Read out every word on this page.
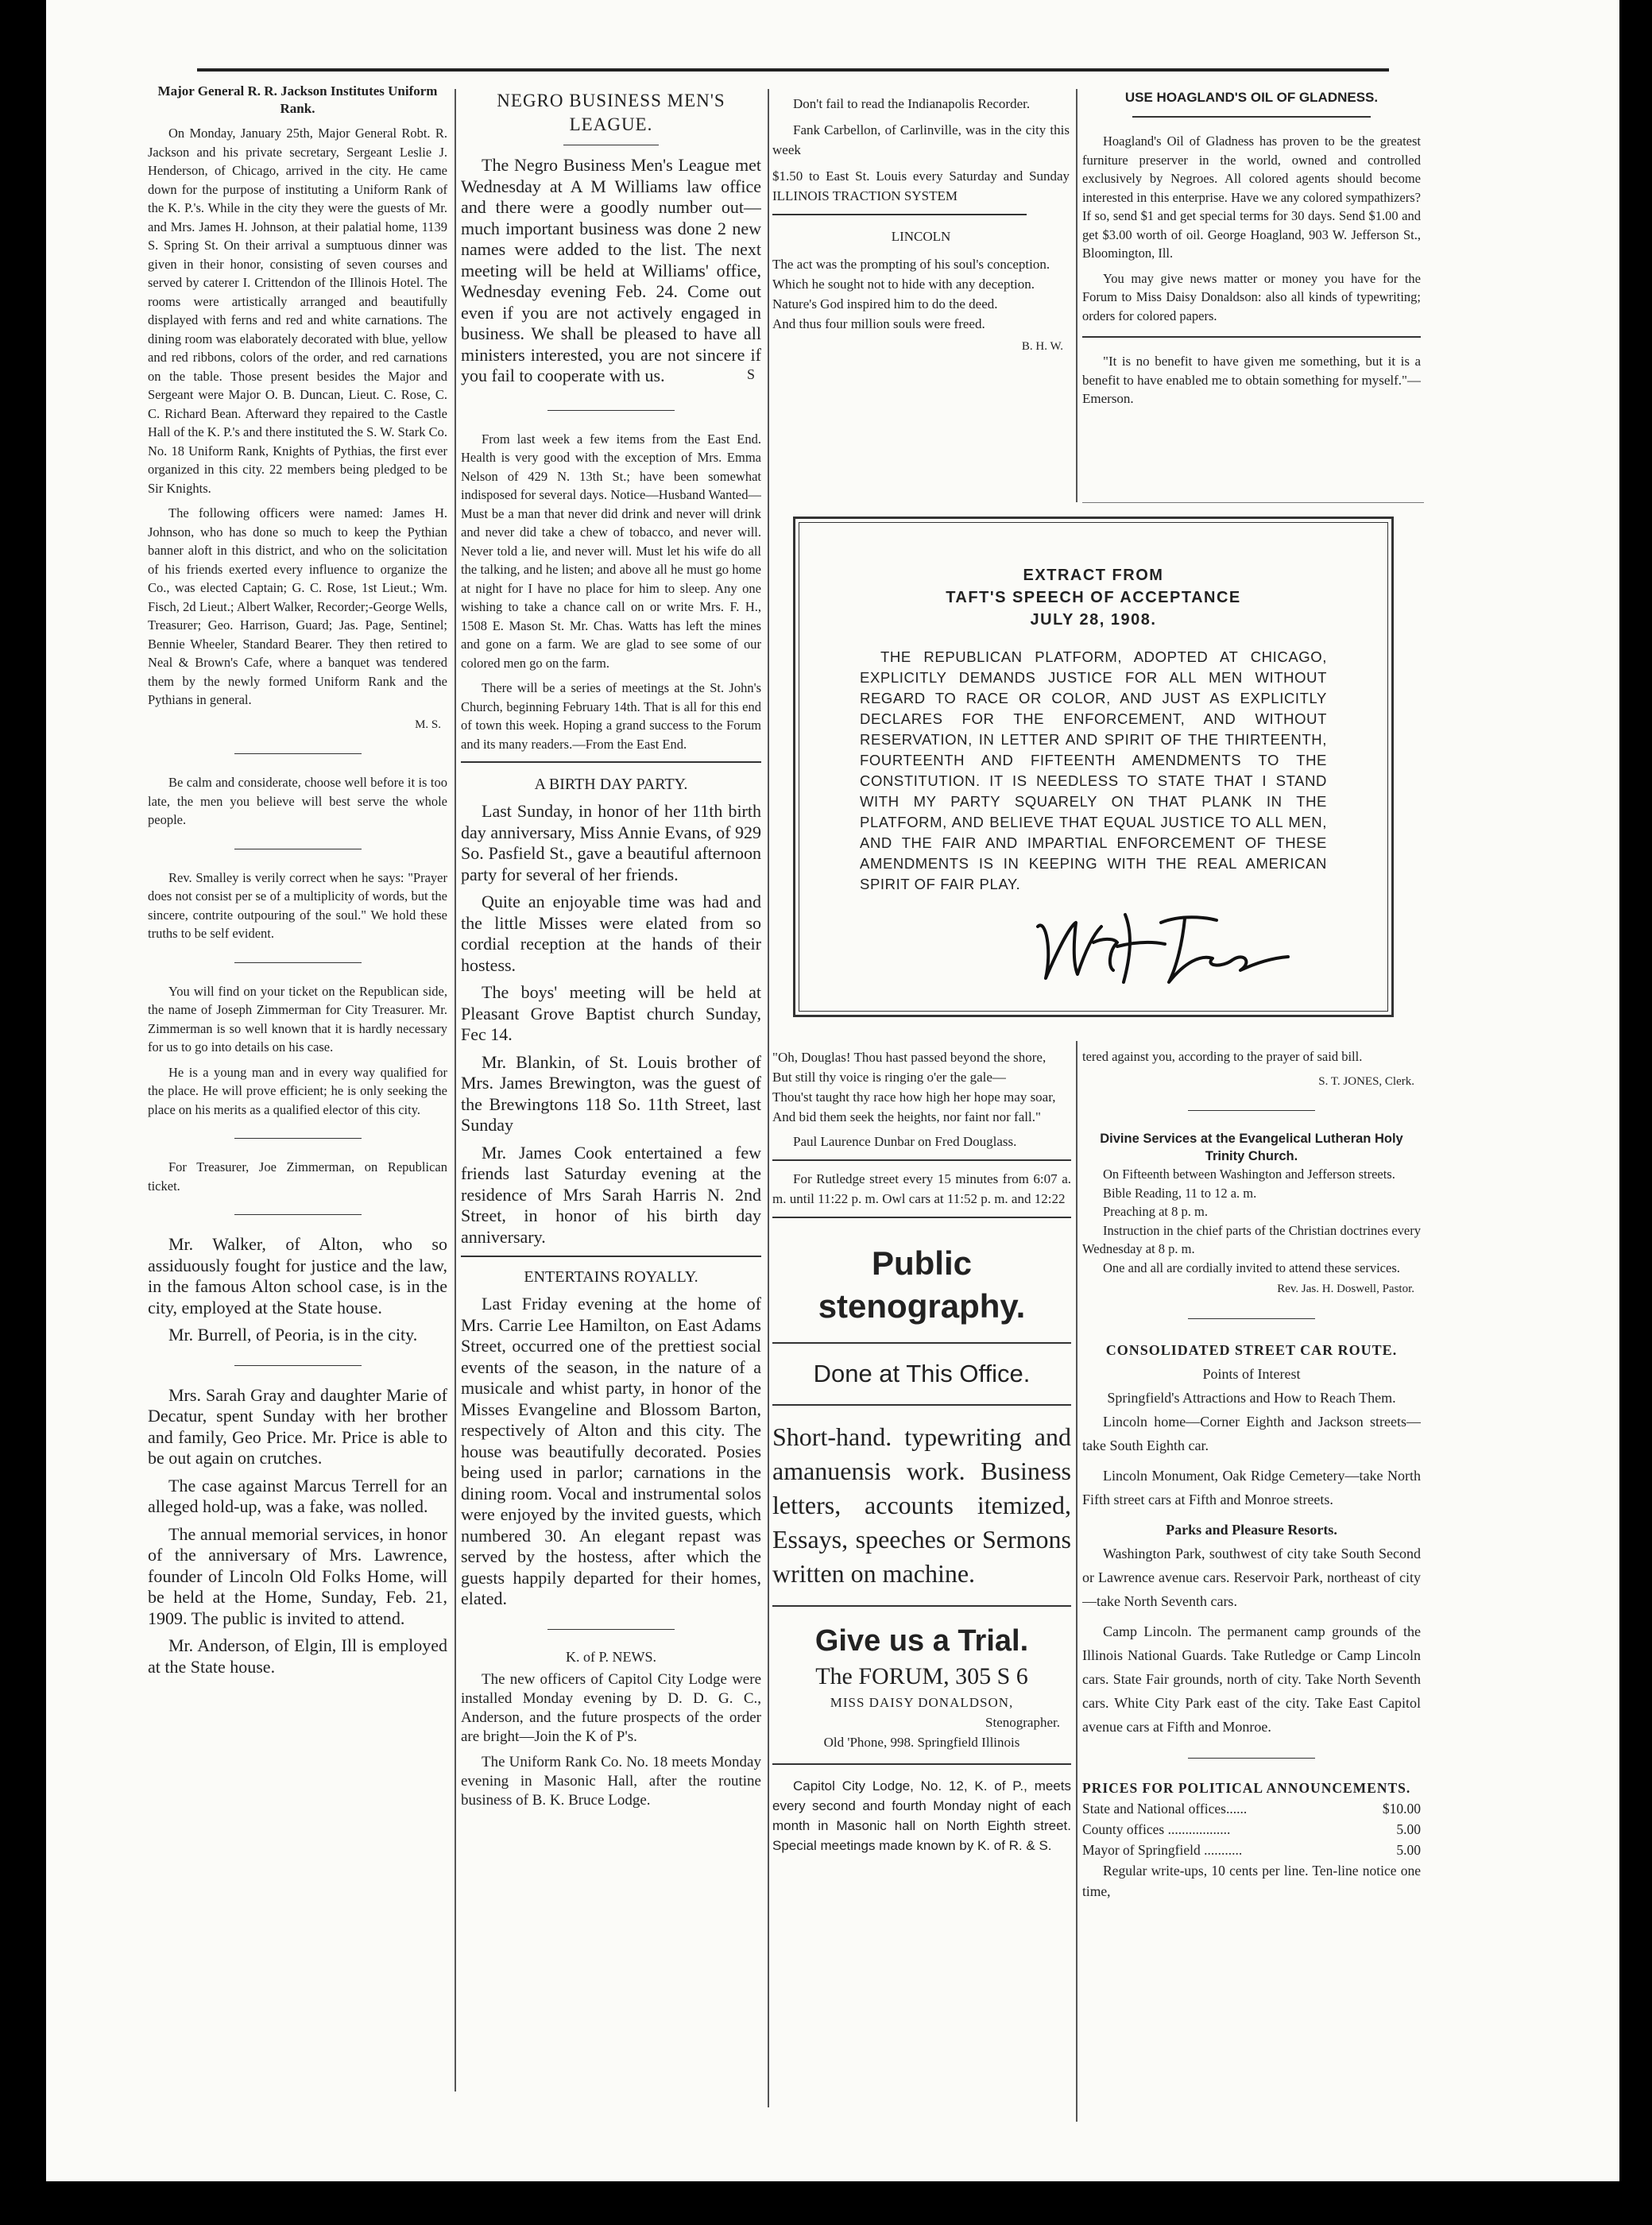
Major General R. R. Jackson Institutes Uniform Rank.

On Monday, January 25th, Major General Robt. R. Jackson and his private secretary, Sergeant Leslie J. Henderson, of Chicago, arrived in the city. He came down for the purpose of instituting a Uniform Rank of the K. P.'s. While in the city they were the guests of Mr. and Mrs. James H. Johnson, at their palatial home, 1139 S. Spring St. On their arrival a sumptuous dinner was given in their honor, consisting of seven courses and served by caterer I. Crittendon of the Illinois Hotel. The rooms were artistically arranged and beautifully displayed with ferns and red and white carnations. The dining room was elaborately decorated with blue, yellow and red ribbons, colors of the order, and red carnations on the table. Those present besides the Major and Sergeant were Major O. B. Duncan, Lieut. C. Rose, C. C. Richard Bean. Afterward they repaired to the Castle Hall of the K. P.'s and there instituted the S. W. Stark Co. No. 18 Uniform Rank, Knights of Pythias, the first ever organized in this city. 22 members being pledged to be Sir Knights.

The following officers were named: James H. Johnson, who has done so much to keep the Pythian banner aloft in this district, and who on the solicitation of his friends exerted every influence to organize the Co., was elected Captain; G. C. Rose, 1st Lieut.; Wm. Fisch, 2d Lieut.; Albert Walker, Recorder;-George Wells, Treasurer; Geo. Harrison, Guard; Jas. Page, Sentinel; Bennie Wheeler, Standard Bearer. They then retired to Neal & Brown's Cafe, where a banquet was tendered them by the newly formed Uniform Rank and the Pythians in general.

M. S.

Be calm and considerate, choose well before it is too late, the men you believe will best serve the whole people.

Rev. Smalley is verily correct when he says: "Prayer does not consist per se of a multiplicity of words, but the sincere, contrite outpouring of the soul." We hold these truths to be self evident.

You will find on your ticket on the Republican side, the name of Joseph Zimmerman for City Treasurer. Mr. Zimmerman is so well known that it is hardly necessary for us to go into details on his case.

He is a young man and in every way qualified for the place. He will prove efficient; he is only seeking the place on his merits as a qualified elector of this city.

For Treasurer, Joe Zimmerman, on Republican ticket.

Mr. Walker, of Alton, who so assiduously fought for justice and the law, in the famous Alton school case, is in the city, employed at the State house.

Mr. Burrell, of Peoria, is in the city.

Mrs. Sarah Gray and daughter Marie of Decatur, spent Sunday with her brother and family, Geo Price. Mr. Price is able to be out again on crutches.

The case against Marcus Terrell for an alleged hold-up, was a fake, was nolled.

The annual memorial services, in honor of the anniversary of Mrs. Lawrence, founder of Lincoln Old Folks Home, will be held at the Home, Sunday, Feb. 21, 1909. The public is invited to attend.

Mr. Anderson, of Elgin, Ill is employed at the State house.

NEGRO BUSINESS MEN'S LEAGUE.

The Negro Business Men's League met Wednesday at A M Williams law office and there were a goodly number out—much important business was done 2 new names were added to the list. The next meeting will be held at Williams' office, Wednesday evening Feb. 24. Come out even if you are not actively engaged in business. We shall be pleased to have all ministers interested, you are not sincere if you fail to cooperate with us.	S

From last week a few items from the East End. Health is very good with the exception of Mrs. Emma Nelson of 429 N. 13th St.; have been somewhat indisposed for several days. Notice—Husband Wanted—Must be a man that never did drink and never will drink and never did take a chew of tobacco, and never will. Never told a lie, and never will. Must let his wife do all the talking, and he listen; and above all he must go home at night for I have no place for him to sleep. Any one wishing to take a chance call on or write Mrs. F. H., 1508 E. Mason St. Mr. Chas. Watts has left the mines and gone on a farm. We are glad to see some of our colored men go on the farm.

There will be a series of meetings at the St. John's Church, beginning February 14th. That is all for this end of town this week. Hoping a grand success to the Forum and its many readers.—From the East End.

A BIRTH DAY PARTY.

Last Sunday, in honor of her 11th birth day anniversary, Miss Annie Evans, of 929 So. Pasfield St., gave a beautiful afternoon party for several of her friends.

Quite an enjoyable time was had and the little Misses were elated from so cordial reception at the hands of their hostess.

The boys' meeting will be held at Pleasant Grove Baptist church Sunday, Fec 14.

Mr. Blankin, of St. Louis brother of Mrs. James Brewington, was the guest of the Brewingtons 118 So. 11th Street, last Sunday

Mr. James Cook entertained a few friends last Saturday evening at the residence of Mrs Sarah Harris N. 2nd Street, in honor of his birth day anniversary.

ENTERTAINS ROYALLY.

Last Friday evening at the home of Mrs. Carrie Lee Hamilton, on East Adams Street, occurred one of the prettiest social events of the season, in the nature of a musicale and whist party, in honor of the Misses Evangeline and Blossom Barton, respectively of Alton and this city. The house was beautifully decorated. Posies being used in parlor; carnations in the dining room. Vocal and instrumental solos were enjoyed by the invited guests, which numbered 30. An elegant repast was served by the hostess, after which the guests happily departed for their homes, elated.

K. of P. NEWS.

The new officers of Capitol City Lodge were installed Monday evening by D. D. G. C., Anderson, and the future prospects of the order are bright—Join the K of P's.

The Uniform Rank Co. No. 18 meets Monday evening in Masonic Hall, after the routine business of B. K. Bruce Lodge.

Don't fail to read the Indianapolis Recorder.

Fank Carbellon, of Carlinville, was in the city this week

$1.50 to East St. Louis every Saturday and Sunday ILLINOIS TRACTION SYSTEM

LINCOLN
The act was the prompting of his soul's conception.
Which he sought not to hide with any deception.
Nature's God inspired him to do the deed.
And thus four million souls were freed.
B. H. W.
USE HOAGLAND'S OIL OF GLADNESS.

Hoagland's Oil of Gladness has proven to be the greatest furniture preserver in the world, owned and controlled exclusively by Negroes. All colored agents should become interested in this enterprise. Have we any colored sympathizers? If so, send $1 and get special terms for 30 days. Send $1.00 and get $3.00 worth of oil. George Hoagland, 903 W. Jefferson St., Bloomington, Ill.

You may give news matter or money you have for the Forum to Miss Daisy Donaldson: also all kinds of typewriting; orders for colored papers.

"It is no benefit to have given me something, but it is a benefit to have enabled me to obtain something for myself."—Emerson.

EXTRACT FROM
TAFT'S SPEECH OF ACCEPTANCE
JULY 28, 1908.

THE REPUBLICAN PLATFORM, ADOPTED AT CHICAGO, EXPLICITLY DEMANDS JUSTICE FOR ALL MEN WITHOUT REGARD TO RACE OR COLOR, AND JUST AS EXPLICITLY DECLARES FOR THE ENFORCEMENT, AND WITHOUT RESERVATION, IN LETTER AND SPIRIT OF THE THIRTEENTH, FOURTEENTH AND FIFTEENTH AMENDMENTS TO THE CONSTITUTION. IT IS NEEDLESS TO STATE THAT I STAND WITH MY PARTY SQUARELY ON THAT PLANK IN THE PLATFORM, AND BELIEVE THAT EQUAL JUSTICE TO ALL MEN, AND THE FAIR AND IMPARTIAL ENFORCEMENT OF THESE AMENDMENTS IS IN KEEPING WITH THE REAL AMERICAN SPIRIT OF FAIR PLAY.

"Oh, Douglas! Thou hast passed beyond the shore,
But still thy voice is ringing o'er the gale—
Thou'st taught thy race how high her hope may soar,
And bid them seek the heights, nor faint nor fall."

Paul Laurence Dunbar on Fred Douglass.

For Rutledge street every 15 minutes from 6:07 a. m. until 11:22 p. m. Owl cars at 11:52 p. m. and 12:22

Public stenography.
Done at This Office.
Short-hand. typewriting and amanuensis work. Business letters, accounts itemized, Essays, speeches or Sermons written on machine.
Give us a Trial.
The FORUM, 305 S 6
MISS DAISY DONALDSON,
Stenographer.
Old 'Phone, 998. Springfield Illinois

Capitol City Lodge, No. 12, K. of P., meets every second and fourth Monday night of each month in Masonic hall on North Eighth street. Special meetings made known by K. of R. & S.

tered against you, according to the prayer of said bill.

S. T. JONES, Clerk.
Divine Services at the Evangelical Lutheran Holy Trinity Church.

On Fifteenth between Washington and Jefferson streets.

Bible Reading, 11 to 12 a. m.

Preaching at 8 p. m.

Instruction in the chief parts of the Christian doctrines every Wednesday at 8 p. m.

One and all are cordially invited to attend these services.

Rev. Jas. H. Doswell, Pastor.
CONSOLIDATED STREET CAR ROUTE.
Points of Interest
Springfield's Attractions and How to Reach Them.

Lincoln home—Corner Eighth and Jackson streets—take South Eighth car.

Lincoln Monument, Oak Ridge Cemetery—take North Fifth street cars at Fifth and Monroe streets.

Parks and Pleasure Resorts.

Washington Park, southwest of city take South Second or Lawrence avenue cars. Reservoir Park, northeast of city—take North Seventh cars.

Camp Lincoln. The permanent camp grounds of the Illinois National Guards. Take Rutledge or Camp Lincoln cars. State Fair grounds, north of city. Take North Seventh cars. White City Park east of the city. Take East Capitol avenue cars at Fifth and Monroe.

PRICES FOR POLITICAL ANNOUNCEMENTS.
State and National offices......	$10.00
County offices ..................	5.00
Mayor of Springfield ...........	5.00

Regular write-ups, 10 cents per line. Ten-line notice one time,
